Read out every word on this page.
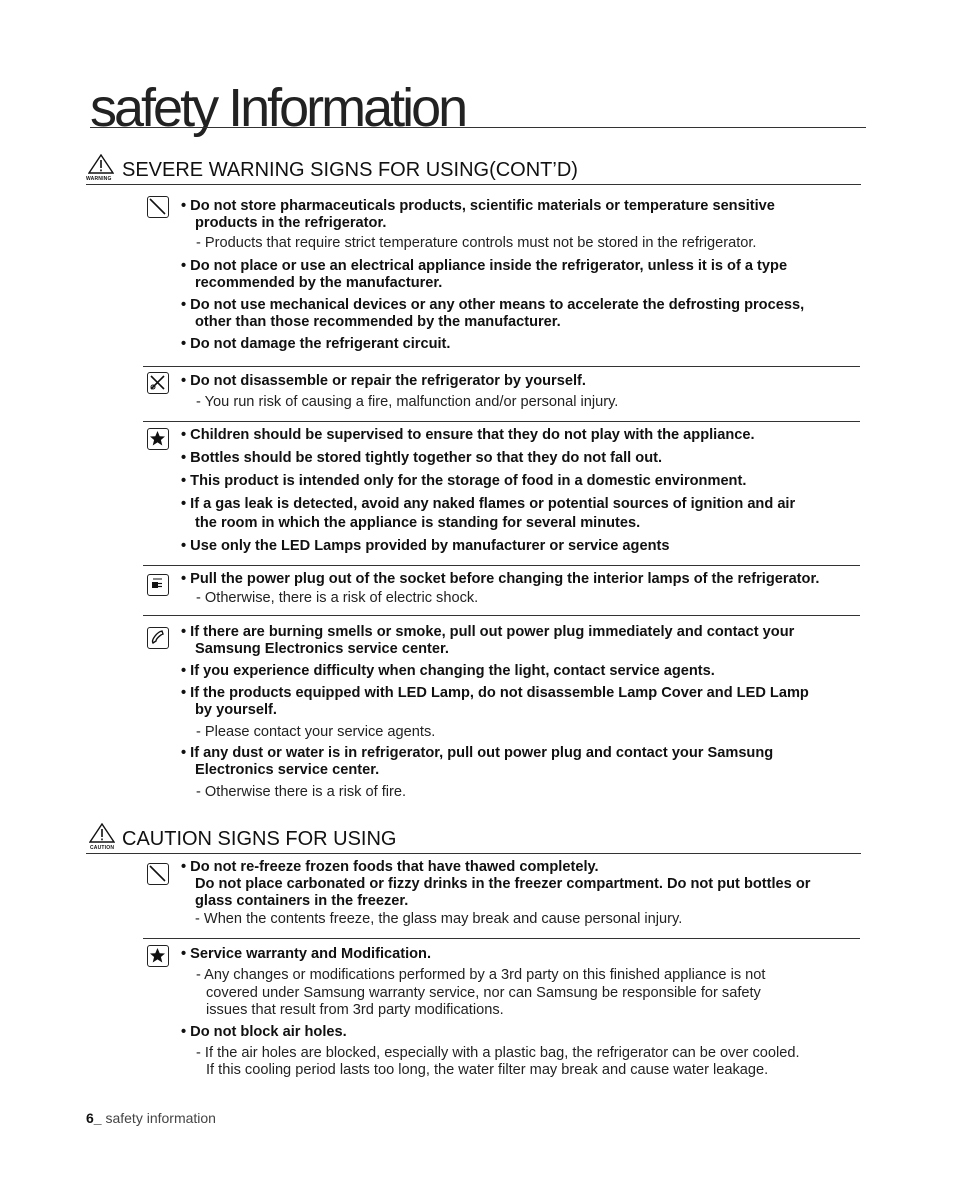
safety Information
WARNING SEVERE WARNING SIGNS FOR USING(CONT’D)
• Do not store pharmaceuticals products, scientific materials or temperature sensitive
products in the refrigerator.
- Products that require strict temperature controls must not be stored in the refrigerator.
• Do not place or use an electrical appliance inside the refrigerator, unless it is of a type
recommended by the manufacturer.
• Do not use mechanical devices or any other means to accelerate the defrosting process,
other than those recommended by the manufacturer.
• Do not damage the refrigerant circuit.
• Do not disassemble or repair the refrigerator by yourself.
- You run risk of causing a fire, malfunction and/or personal injury.
• Children should be supervised to ensure that they do not play with the appliance.
• Bottles should be stored tightly together so that they do not fall out.
• This product is intended only for the storage of food in a domestic environment.
• If a gas leak is detected, avoid any naked flames or potential sources of ignition and air
the room in which the appliance is standing for several minutes.
• Use only the LED Lamps provided by manufacturer or service agents
• Pull the power plug out of the socket before changing the interior lamps of the refrigerator.
- Otherwise, there is a risk of electric shock.
• If there are burning smells or smoke, pull out power plug immediately and contact your
Samsung Electronics service center.
• If you experience difficulty when changing the light, contact service agents.
• If the products equipped with LED Lamp, do not disassemble Lamp Cover and LED Lamp
by yourself.
- Please contact your service agents.
• If any dust or water is in refrigerator, pull out power plug and contact your Samsung
Electronics service center.
- Otherwise there is a risk of fire.
CAUTION CAUTION SIGNS FOR USING
• Do not re-freeze frozen foods that have thawed completely.
Do not place carbonated or fizzy drinks in the freezer compartment. Do not put bottles or
glass containers in the freezer.
- When the contents freeze, the glass may break and cause personal injury.
• Service warranty and Modification.
- Any changes or modifications performed by a 3rd party on this finished appliance is not
covered under Samsung warranty service, nor can Samsung be responsible for safety
issues that result from 3rd party modifications.
• Do not block air holes.
- If the air holes are blocked, especially with a plastic bag, the refrigerator can be over cooled.
If this cooling period lasts too long, the water filter may break and cause water leakage.
6_ safety information
